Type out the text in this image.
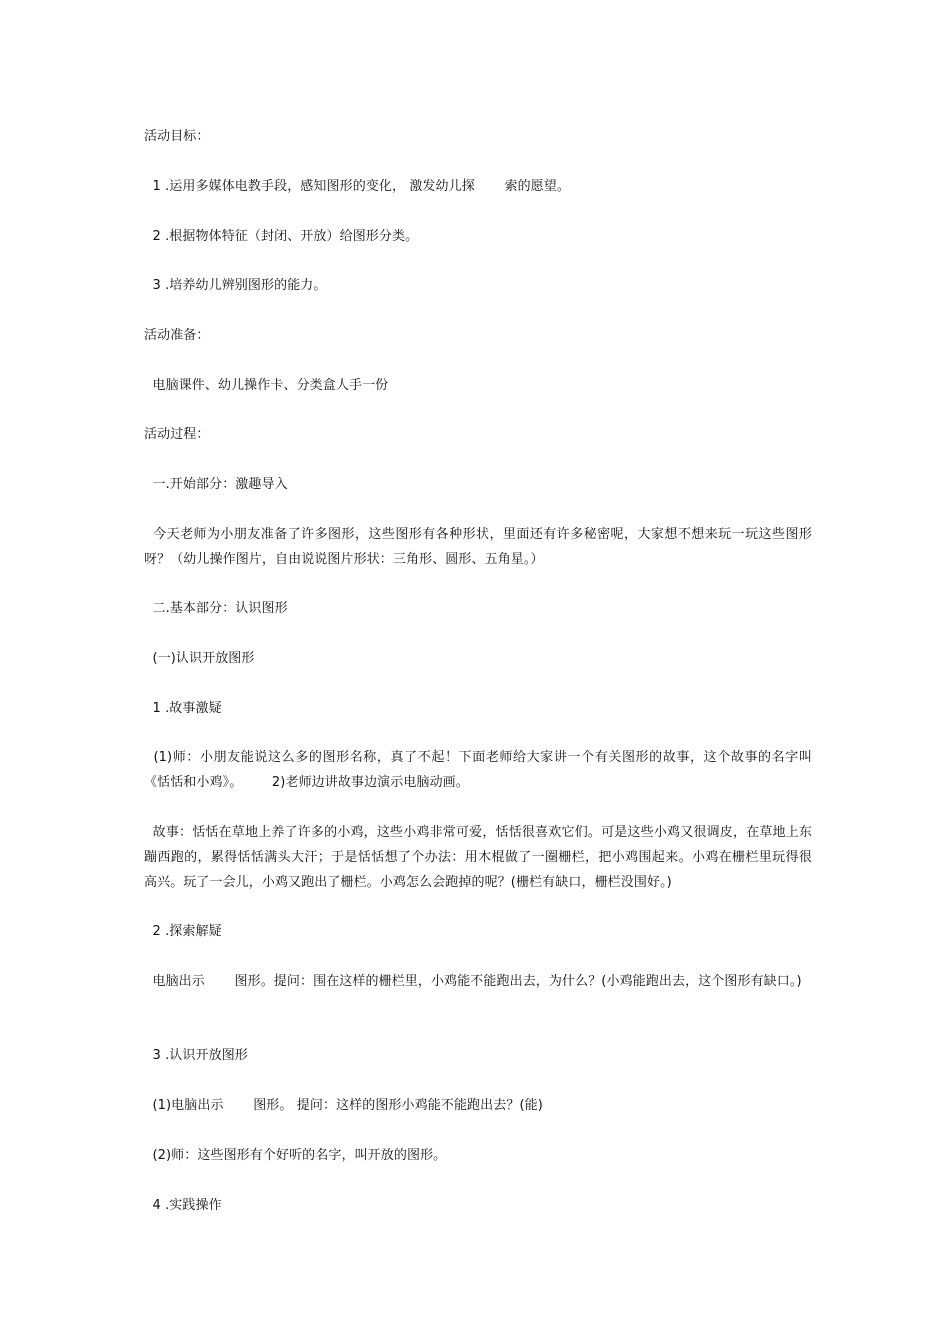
活动目标：
1 .运用多媒体电教手段，感知图形的变化， 激发幼儿探       索的愿望。
2 .根据物体特征（封闭、开放）给图形分类。
3 .培养幼儿辨别图形的能力。
活动准备：
电脑课件、幼儿操作卡、分类盒人手一份
活动过程：
一.开始部分：激趣导入
今天老师为小朋友准备了许多图形，这些图形有各种形状，里面还有许多秘密呢，大家想不想来玩一玩这些图形呀？（幼儿操作图片，自由说说图片形状：三角形、圆形、五角星。）
二.基本部分：认识图形
(一)认识开放图形
1 .故事激疑
(1)师：小朋友能说这么多的图形名称，真了不起！下面老师给大家讲一个有关图形的故事，这个故事的名字叫《恬恬和小鸡》。       2)老师边讲故事边演示电脑动画。
故事：恬恬在草地上养了许多的小鸡，这些小鸡非常可爱，恬恬很喜欢它们。可是这些小鸡又很调皮，在草地上东蹦西跑的，累得恬恬满头大汗；于是恬恬想了个办法：用木棍做了一圈栅栏，把小鸡围起来。小鸡在栅栏里玩得很高兴。玩了一会儿，小鸡又跑出了栅栏。小鸡怎么会跑掉的呢？(栅栏有缺口，栅栏没围好。)
2 .探索解疑
电脑出示       图形。提问：围在这样的栅栏里，小鸡能不能跑出去，为什么？(小鸡能跑出去，这个图形有缺口。)
3 .认识开放图形
(1)电脑出示       图形。 提问：这样的图形小鸡能不能跑出去？(能)
(2)师：这些图形有个好听的名字，叫开放的图形。
4 .实践操作
